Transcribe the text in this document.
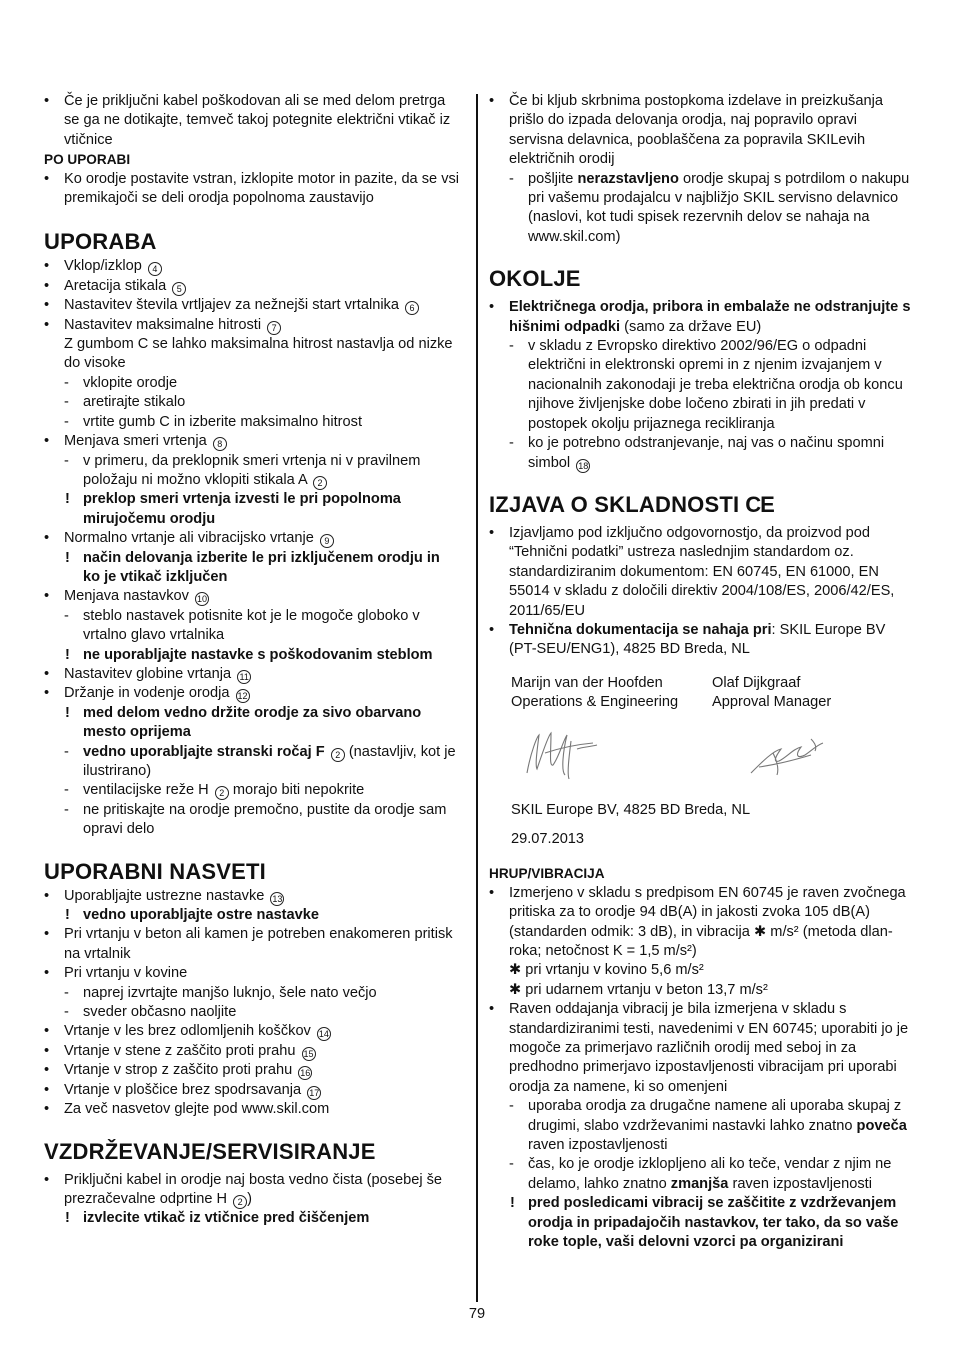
• Če je priključni kabel poškodovan ali se med delom pretrga se ga ne dotikajte, temveč takoj potegnite električni vtikač iz vtičnice
PO UPORABI
• Ko orodje postavite vstran, izklopite motor in pazite, da se vsi premikajoči se deli orodja popolnoma zaustavijo
UPORABA
• Vklop/izklop 4
• Aretacija stikala 5
• Nastavitev števila vrtljajev za nežnejši start vrtalnika 6
• Nastavitev maksimalne hitrosti 7
Z gumbom C se lahko maksimalna hitrost nastavlja od nizke do visoke
- vklopite orodje
- aretirajte stikalo
- vrtite gumb C in izberite maksimalno hitrost
• Menjava smeri vrtenja 8
- v primeru, da preklopnik smeri vrtenja ni v pravilnem položaju ni možno vklopiti stikala A 2
! preklop smeri vrtenja izvesti le pri popolnoma mirujočemu orodju
• Normalno vrtanje ali vibracijsko vrtanje 9
! način delovanja izberite le pri izključenem orodju in ko je vtikač izključen
• Menjava nastavkov 10
- steblo nastavek potisnite kot je le mogoče globoko v vrtalno glavo vrtalnika
! ne uporabljajte nastavke s poškodovanim steblom
• Nastavitev globine vrtanja 11
• Držanje in vodenje orodja 12
! med delom vedno držite orodje za sivo obarvano mesto oprijema
- vedno uporabljajte stranski ročaj F 2 (nastavljiv, kot je ilustrirano)
- ventilacijske reže H 2 morajo biti nepokrite
- ne pritiskajte na orodje premočno, pustite da orodje sam opravi delo
UPORABNI NASVETI
• Uporabljajte ustrezne nastavke 13
! vedno uporabljajte ostre nastavke
• Pri vrtanju v beton ali kamen je potreben enakomeren pritisk na vrtalnik
• Pri vrtanju v kovine
- naprej izvrtajte manjšo luknjo, šele nato večjo
- sveder občasno naoljite
• Vrtanje v les brez odlomljenih koščkov 14
• Vrtanje v stene z zaščito proti prahu 15
• Vrtanje v strop z zaščito proti prahu 16
• Vrtanje v ploščice brez spodrsavanja 17
• Za več nasvetov glejte pod www.skil.com
VZDRŽEVANJE/SERVISIRANJE
• Priključni kabel in orodje naj bosta vedno čista (posebej še prezračevalne odprtine H 2 )
! izvlecite vtikač iz vtičnice pred čiščenjem
• Če bi kljub skrbnima postopkoma izdelave in preizkušanja prišlo do izpada delovanja orodja, naj popravilo opravi servisna delavnica, pooblaščena za popravila SKILevih električnih orodij
- pošljite nerazstavljeno orodje skupaj s potrdilom o nakupu pri vašemu prodajalcu v najbližjo SKIL servisno delavnico (naslovi, kot tudi spisek rezervnih delov se nahaja na www.skil.com)
OKOLJE
• Električnega orodja, pribora in embalaže ne odstranjujte s hišnimi odpadki (samo za države EU)
- v skladu z Evropsko direktivo 2002/96/EG o odpadni električni in elektronski opremi in z njenim izvajanjem v nacionalnih zakonodaji je treba električna orodja ob koncu njihove življenjske dobe ločeno zbirati in jih predati v postopek okolju prijaznega recikliranja
- ko je potrebno odstranjevanje, naj vas o načinu spomni simbol 18
IZJAVA O SKLADNOSTI CE
• Izjavljamo pod izključno odgovornostjo, da proizvod pod “Tehnični podatki” ustreza naslednjim standardom oz. standardiziranim dokumentom: EN 60745, EN 61000, EN 55014 v skladu z določili direktiv 2004/108/ES, 2006/42/ES, 2011/65/EU
• Tehnična dokumentacija se nahaja pri: SKIL Europe BV (PT-SEU/ENG1), 4825 BD Breda, NL
Marijn van der Hoofden
Operations & Engineering
Olaf Dijkgraaf
Approval Manager
SKIL Europe BV, 4825 BD Breda, NL
29.07.2013
HRUP/VIBRACIJA
• Izmerjeno v skladu s predpisom EN 60745 je raven zvočnega pritiska za to orodje 94 dB(A) in jakosti zvoka 105 dB(A) (standarden odmik: 3 dB), in vibracija ✱ m/s² (metoda dlan-roka; netočnost K = 1,5 m/s²)
✱ pri vrtanju v kovino 5,6 m/s²
✱ pri udarnem vrtanju v beton 13,7 m/s²
• Raven oddajanja vibracij je bila izmerjena v skladu s standardiziranimi testi, navedenimi v EN 60745; uporabiti jo je mogoče za primerjavo različnih orodij med seboj in za predhodno primerjavo izpostavljenosti vibracijam pri uporabi orodja za namene, ki so omenjeni
- uporaba orodja za drugačne namene ali uporaba skupaj z drugimi, slabo vzdrževanimi nastavki lahko znatno poveča raven izpostavljenosti
- čas, ko je orodje izklopljeno ali ko teče, vendar z njim ne delamo, lahko znatno zmanjša raven izpostavljenosti
! pred posledicami vibracij se zaščitite z vzdrževanjem orodja in pripadajočih nastavkov, ter tako, da so vaše roke tople, vaši delovni vzorci pa organizirani
79
